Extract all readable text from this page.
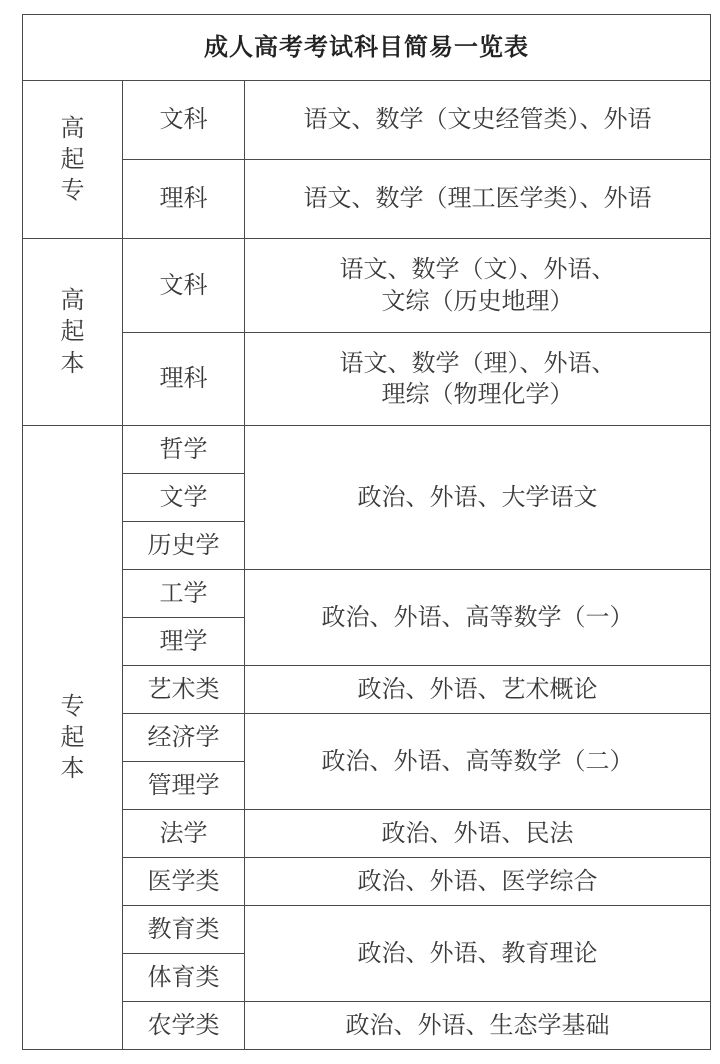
成人高考考试科目简易一览表		

高
起
专	文科	语文、数学（文史经管类）、外语
	理科	语文、数学（理工医学类）、外语

高
起
本	文科	语文、数学（文）、外语、
文综（历史地理）

	理科	语文、数学（理）、外语、
理综（物理化学）

专
起
本	哲学	政治、外语、大学语文
	文学	
	历史学	
	工学	政治、外语、高等数学（一）
	理学	
	艺术类	政治、外语、艺术概论
	经济学	政治、外语、高等数学（二）
	管理学	
	法学	政治、外语、民法
	医学类	政治、外语、医学综合
	教育类	政治、外语、教育理论
	体育类	
	农学类	政治、外语、生态学基础
